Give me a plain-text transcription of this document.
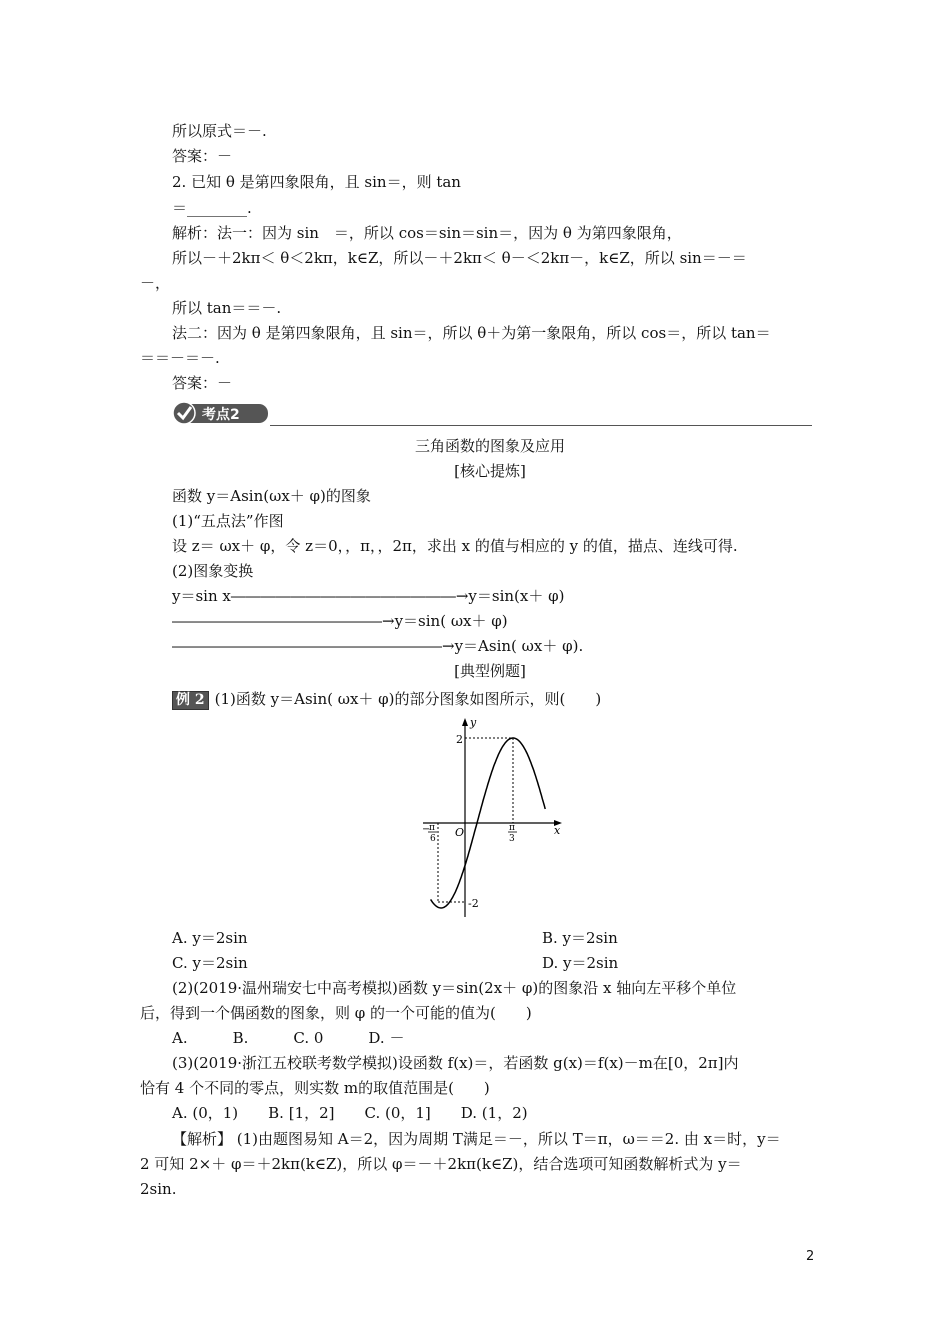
所以原式＝－.
答案：－
2. 已知 θ 是第四象限角，且 sin＝，则 tan
＝________.
解析：法一：因为 sin　＝，所以 cos＝sin＝sin＝，因为 θ 为第四象限角，
所以－＋2kπ＜ θ＜2kπ，k∈Z，所以－＋2kπ＜ θ－＜2kπ－，k∈Z，所以 sin＝－＝
－，
所以 tan＝＝－.
法二：因为 θ 是第四象限角，且 sin＝，所以 θ＋为第一象限角，所以 cos＝，所以 tan＝
＝＝－＝－.
答案：－
考点2
三角函数的图象及应用
[核心提炼]
函数 y＝Asin(ωx＋ φ)的图象
(1)“五点法”作图
设 z＝ ωx＋ φ，令 z＝0，，π，，2π，求出 x 的值与相应的 y 的值，描点、连线可得.
(2)图象变换
y＝sin x―――――――――――――――→y＝sin(x＋ φ)
――――――――――――――→y＝sin( ωx＋ φ)
――――――――――――――――――→y＝Asin( ωx＋ φ).
[典型例题]
例 2 (1)函数 y＝Asin( ωx＋ φ)的部分图象如图所示，则(　　)
y
x
O
2
-2
−
π
6
π
3
A. y＝2sin	B. y＝2sin
C. y＝2sin	D. y＝2sin
(2)(2019·温州瑞安七中高考模拟)函数 y＝sin(2x＋ φ)的图象沿 x 轴向左平移个单位
后，得到一个偶函数的图象，则 φ 的一个可能的值为(　　)
A.　　　B.　　　C. 0　　　D. －
(3)(2019·浙江五校联考数学模拟)设函数 f(x)＝，若函数 g(x)＝f(x)－m在[0，2π]内
恰有 4 个不同的零点，则实数 m的取值范围是(　　)
A. (0，1)　　B. [1，2]　　C. (0，1]　　D. (1，2)
【解析】 (1)由题图易知 A＝2，因为周期 T满足＝－，所以 T＝π，ω＝＝2. 由 x＝时，y＝
2 可知 2×＋ φ＝＋2kπ(k∈Z)，所以 φ＝－＋2kπ(k∈Z)，结合选项可知函数解析式为 y＝
2sin.
2
